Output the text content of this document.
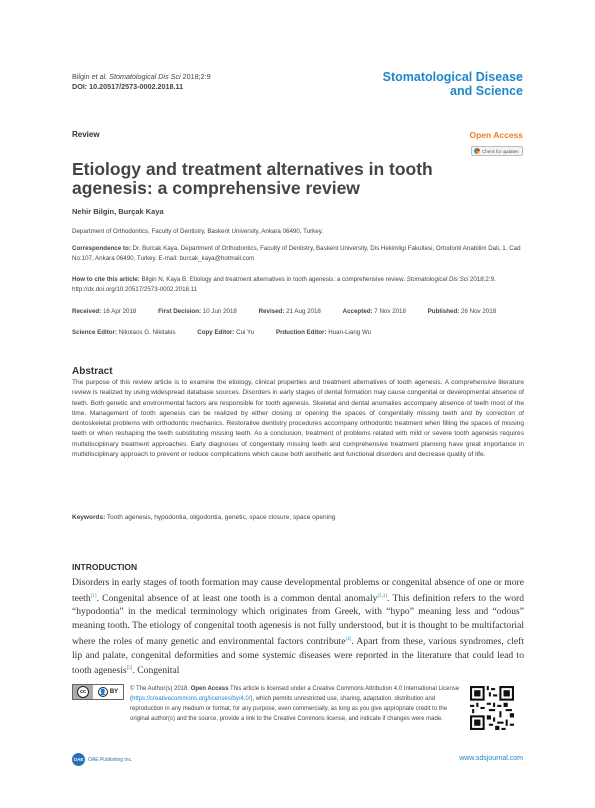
Bilgin et al. Stomatological Dis Sci 2018;2:9
DOI: 10.20517/2573-0002.2018.11
Stomatological Disease
and Science
Review	Open Access
Check for updates
Etiology and treatment alternatives in tooth agenesis: a comprehensive review
Nehir Bilgin, Burçak Kaya
Department of Orthodontics, Faculty of Dentistry, Baskent University, Ankara 06490, Turkey.
Correspondence to: Dr. Burcak Kaya, Department of Orthodontics, Faculty of Dentistry, Baskent University, Dis Hekimligi Fakultesi, Ortodonti Anabilim Dali, 1. Cad No:107, Ankara 06490, Turkey. E-mail: burcak_kaya@hotmail.com
How to cite this article: Bilgin N, Kaya B. Etiology and treatment alternatives in tooth agenesis: a comprehensive review. Stomatological Dis Sci 2018;2:9. http://dx.doi.org/10.20517/2573-0002.2018.11
Received: 16 Apr 2018	First Decision: 10 Jun 2018	Revised: 21 Aug 2018	Accepted: 7 Nov 2018	Published: 26 Nov 2018
Science Editor: Nikolaos G. Nikitakis	Copy Editor: Cui Yu	Prduction Editor: Huan-Liang Wu
Abstract
The purpose of this review article is to examine the etiology, clinical properties and treatment alternatives of tooth agenesis. A comprehensive literature review is realized by using widespread database sources. Disorders in early stages of dental formation may cause congenital or developmental absence of teeth. Both genetic and environmental factors are responsible for tooth agenesis. Skeletal and dental anomalies accompany absence of teeth most of the time. Management of tooth agenesis can be realized by either closing or opening the spaces of congenitally missing teeth and by correction of dentoskeletal problems with orthodontic mechanics. Restorative dentistry procedures accompany orthodontic treatment when filling the spaces of missing teeth or when reshaping the teeth substituting missing teeth. As a conclusion, treatment of problems related with mild or severe tooth agenesis requires multidisciplinary treatment approaches. Early diagnoses of congenitally missing teeth and comprehensive treatment planning have great importance in multidisciplinary approach to prevent or reduce complications which cause both aesthetic and functional disorders and decrease quality of life.
Keywords: Tooth agenesis, hypodontia, oligodontia, genetic, space closure, space opening
INTRODUCTION
Disorders in early stages of tooth formation may cause developmental problems or congenital absence of one or more teeth[1]. Congenital absence of at least one tooth is a common dental anomaly[2,3]. This definition refers to the word “hypodontia” in the medical terminology which originates from Greek, with “hypo” meaning less and “odous” meaning tooth. The etiology of congenital tooth agenesis is not fully understood, but it is thought to be multifactorial where the roles of many genetic and environmental factors contribute[4]. Apart from these, various syndromes, cleft lip and palate, congenital deformities and some systemic diseases were reported in the literature that could lead to tooth agenesis[5]. Congenital
cc	👤 BY © The Author(s) 2018. Open Access This article is licensed under a Creative Commons Attribution 4.0 International License (https://creativecommons.org/licenses/by/4.0/), which permits unrestricted use, sharing, adaptation, distribution and reproduction in any medium or format, for any purpose, even commercially, as long as you give appropriate credit to the original author(s) and the source, provide a link to the Creative Commons license, and indicate if changes were made.
OAE OAE Publishing Inc.	www.sdsjournal.com
